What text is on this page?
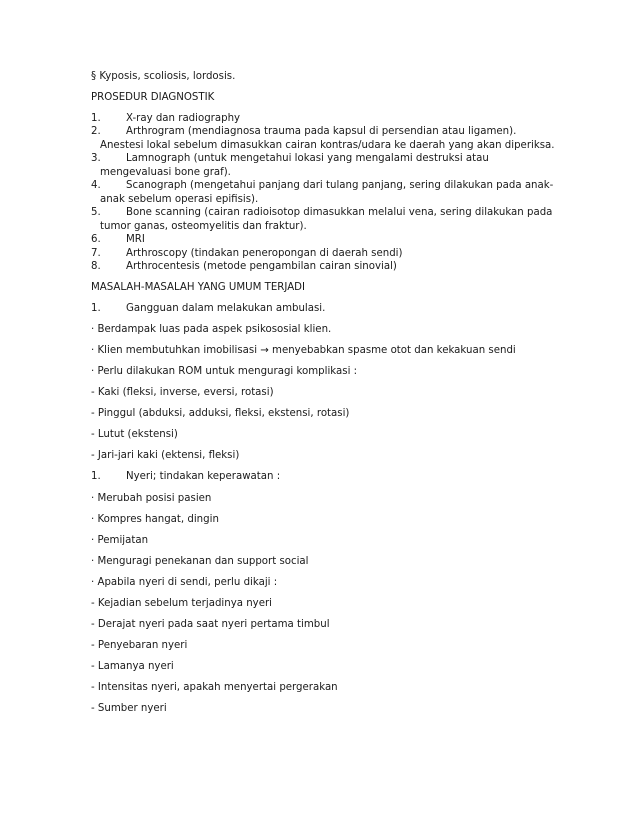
§ Kyposis, scoliosis, lordosis.

PROSEDUR DIAGNOSTIK

1.	X-ray dan radiography
2.	Arthrogram (mendiagnosa trauma pada kapsul di persendian atau ligamen). Anestesi lokal sebelum dimasukkan cairan kontras/udara ke daerah yang akan diperiksa.
3.	Lamnograph (untuk mengetahui lokasi yang mengalami destruksi atau mengevaluasi bone graf).
4.	Scanograph (mengetahui panjang dari tulang panjang, sering dilakukan pada anak-anak sebelum operasi epifisis).
5.	Bone scanning (cairan radioisotop dimasukkan melalui vena, sering dilakukan pada tumor ganas, osteomyelitis dan fraktur).
6.	MRI
7.	Arthroscopy (tindakan peneropongan di daerah sendi)
8.	Arthrocentesis (metode pengambilan cairan sinovial)

MASALAH-MASALAH YANG UMUM TERJADI

1. Gangguan dalam melakukan ambulasi.

· Berdampak luas pada aspek psikososial klien.

· Klien membutuhkan imobilisasi → menyebabkan spasme otot dan kekakuan sendi

· Perlu dilakukan ROM untuk menguragi komplikasi :

- Kaki (fleksi, inverse, eversi, rotasi)

- Pinggul (abduksi, adduksi, fleksi, ekstensi, rotasi)

- Lutut (ekstensi)

- Jari-jari kaki (ektensi, fleksi)

1. Nyeri; tindakan keperawatan :

· Merubah posisi pasien

· Kompres hangat, dingin

· Pemijatan

· Menguragi penekanan dan support social

· Apabila nyeri di sendi, perlu dikaji :

- Kejadian sebelum terjadinya nyeri

- Derajat nyeri pada saat nyeri pertama timbul

- Penyebaran nyeri

- Lamanya nyeri

- Intensitas nyeri, apakah menyertai pergerakan

- Sumber nyeri
